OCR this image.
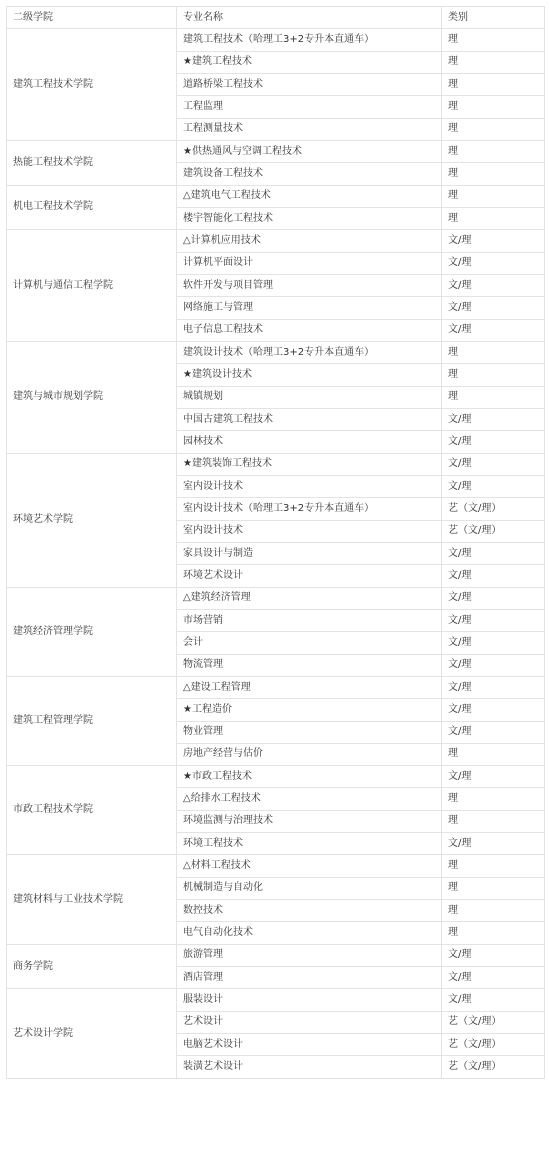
二级学院	专业名称	类别
建筑工程技术学院	建筑工程技术（哈理工3+2专升本直通车）	理
	★建筑工程技术	理
	道路桥梁工程技术	理
	工程监理	理
	工程测量技术	理
热能工程技术学院	★供热通风与空调工程技术	理
	建筑设备工程技术	理
机电工程技术学院	△建筑电气工程技术	理
	楼宇智能化工程技术	理
计算机与通信工程学院	△计算机应用技术	文/理
	计算机平面设计	文/理
	软件开发与项目管理	文/理
	网络施工与管理	文/理
	电子信息工程技术	文/理
建筑与城市规划学院	建筑设计技术（哈理工3+2专升本直通车）	理
	★建筑设计技术	理
	城镇规划	理
	中国古建筑工程技术	文/理
	园林技术	文/理
环境艺术学院	★建筑装饰工程技术	文/理
	室内设计技术	文/理
	室内设计技术（哈理工3+2专升本直通车）	艺（文/理）
	室内设计技术	艺（文/理）
	家具设计与制造	文/理
	环境艺术设计	文/理
建筑经济管理学院	△建筑经济管理	文/理
	市场营销	文/理
	会计	文/理
	物流管理	文/理
建筑工程管理学院	△建设工程管理	文/理
	★工程造价	文/理
	物业管理	文/理
	房地产经营与估价	理
市政工程技术学院	★市政工程技术	文/理
	△给排水工程技术	理
	环境监测与治理技术	理
	环境工程技术	文/理
建筑材料与工业技术学院	△材料工程技术	理
	机械制造与自动化	理
	数控技术	理
	电气自动化技术	理
商务学院	旅游管理	文/理
	酒店管理	文/理
艺术设计学院	服装设计	文/理
	艺术设计	艺（文/理）
	电脑艺术设计	艺（文/理）
	装潢艺术设计	艺（文/理）
